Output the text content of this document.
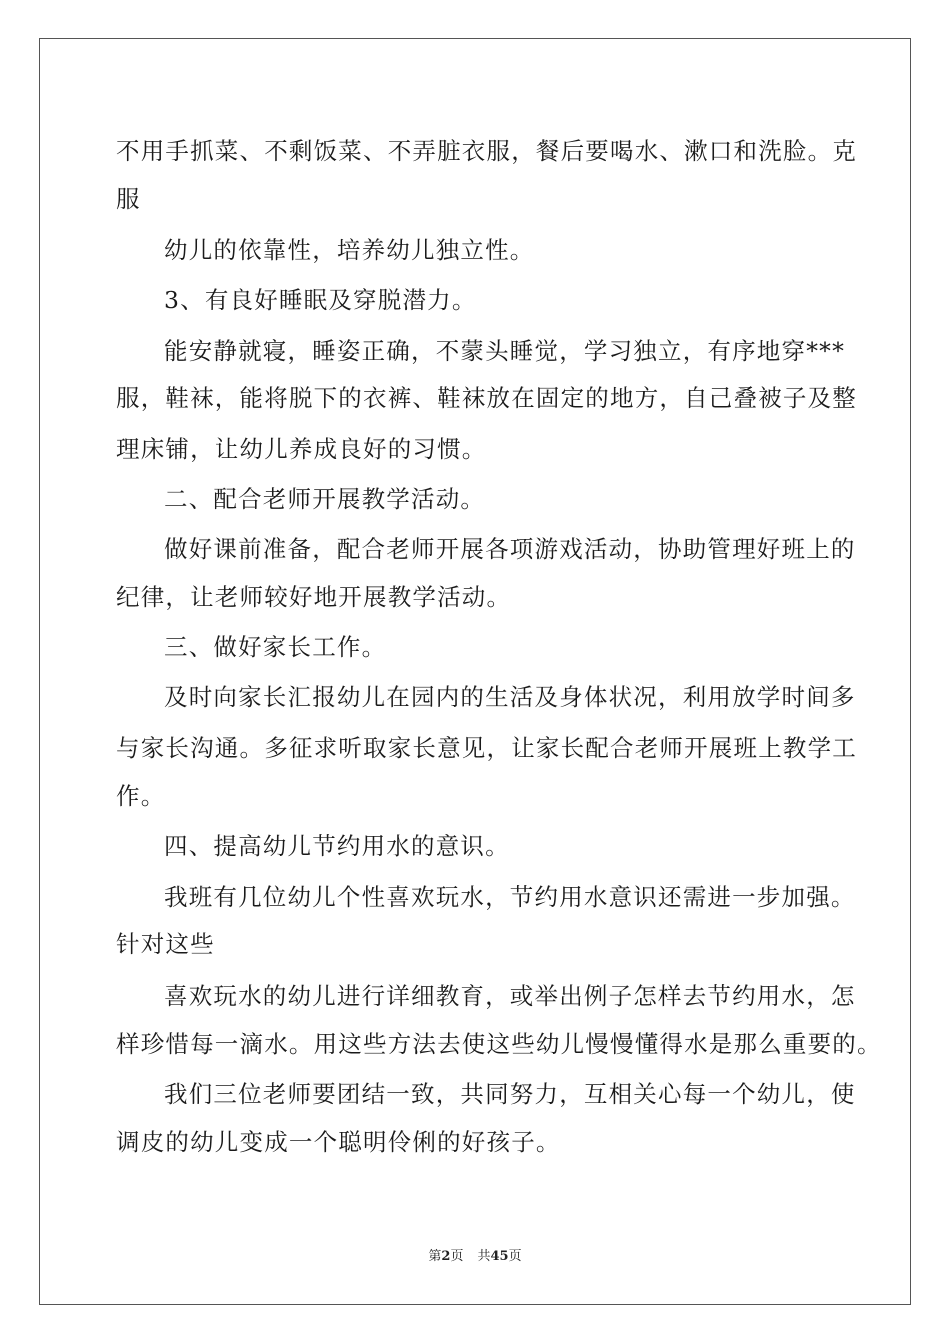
不用手抓菜、不剩饭菜、不弄脏衣服，餐后要喝水、漱口和洗脸。克
服
幼儿的依靠性，培养幼儿独立性。
3、有良好睡眠及穿脱潜力。
能安静就寝，睡姿正确，不蒙头睡觉，学习独立，有序地穿***
服，鞋袜，能将脱下的衣裤、鞋袜放在固定的地方，自己叠被子及整
理床铺，让幼儿养成良好的习惯。
二、配合老师开展教学活动。
做好课前准备，配合老师开展各项游戏活动，协助管理好班上的
纪律，让老师较好地开展教学活动。
三、做好家长工作。
及时向家长汇报幼儿在园内的生活及身体状况，利用放学时间多
与家长沟通。多征求听取家长意见，让家长配合老师开展班上教学工
作。
四、提高幼儿节约用水的意识。
我班有几位幼儿个性喜欢玩水，节约用水意识还需进一步加强。
针对这些
喜欢玩水的幼儿进行详细教育，或举出例子怎样去节约用水，怎
样珍惜每一滴水。用这些方法去使这些幼儿慢慢懂得水是那么重要的。
我们三位老师要团结一致，共同努力，互相关心每一个幼儿，使
调皮的幼儿变成一个聪明伶俐的好孩子。
第2页 共45页
